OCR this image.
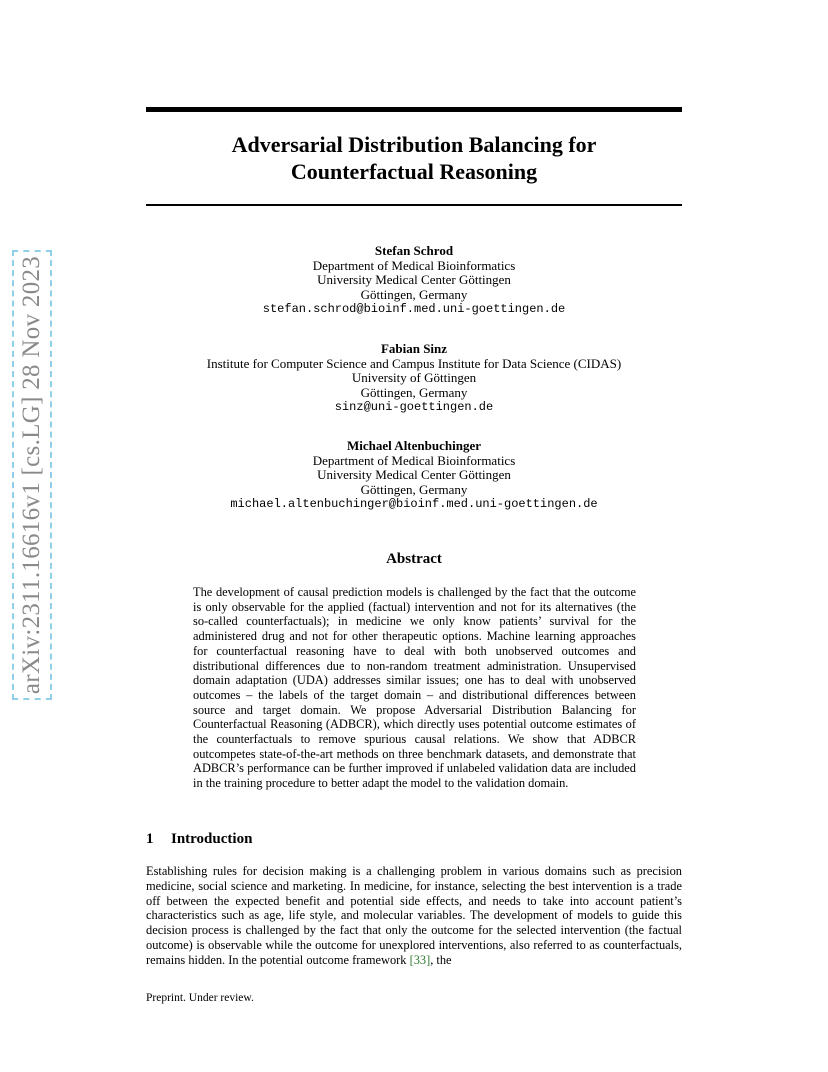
arXiv:2311.16616v1 [cs.LG] 28 Nov 2023
Adversarial Distribution Balancing for
Counterfactual Reasoning
Stefan Schrod
Department of Medical Bioinformatics
University Medical Center Göttingen
Göttingen, Germany
stefan.schrod@bioinf.med.uni-goettingen.de
Fabian Sinz
Institute for Computer Science and Campus Institute for Data Science (CIDAS)
University of Göttingen
Göttingen, Germany
sinz@uni-goettingen.de
Michael Altenbuchinger
Department of Medical Bioinformatics
University Medical Center Göttingen
Göttingen, Germany
michael.altenbuchinger@bioinf.med.uni-goettingen.de
Abstract
The development of causal prediction models is challenged by the fact that the outcome is only observable for the applied (factual) intervention and not for its alternatives (the so-called counterfactuals); in medicine we only know patients’ survival for the administered drug and not for other therapeutic options. Machine learning approaches for counterfactual reasoning have to deal with both unobserved outcomes and distributional differences due to non-random treatment administration. Unsupervised domain adaptation (UDA) addresses similar issues; one has to deal with unobserved outcomes – the labels of the target domain – and distributional differences between source and target domain. We propose Adversarial Distribution Balancing for Counterfactual Reasoning (ADBCR), which directly uses potential outcome estimates of the counterfactuals to remove spurious causal relations. We show that ADBCR outcompetes state-of-the-art methods on three benchmark datasets, and demonstrate that ADBCR’s performance can be further improved if unlabeled validation data are included in the training procedure to better adapt the model to the validation domain.
1 Introduction
Establishing rules for decision making is a challenging problem in various domains such as precision medicine, social science and marketing. In medicine, for instance, selecting the best intervention is a trade off between the expected benefit and potential side effects, and needs to take into account patient’s characteristics such as age, life style, and molecular variables. The development of models to guide this decision process is challenged by the fact that only the outcome for the selected intervention (the factual outcome) is observable while the outcome for unexplored interventions, also referred to as counterfactuals, remains hidden. In the potential outcome framework [33], the
Preprint. Under review.
